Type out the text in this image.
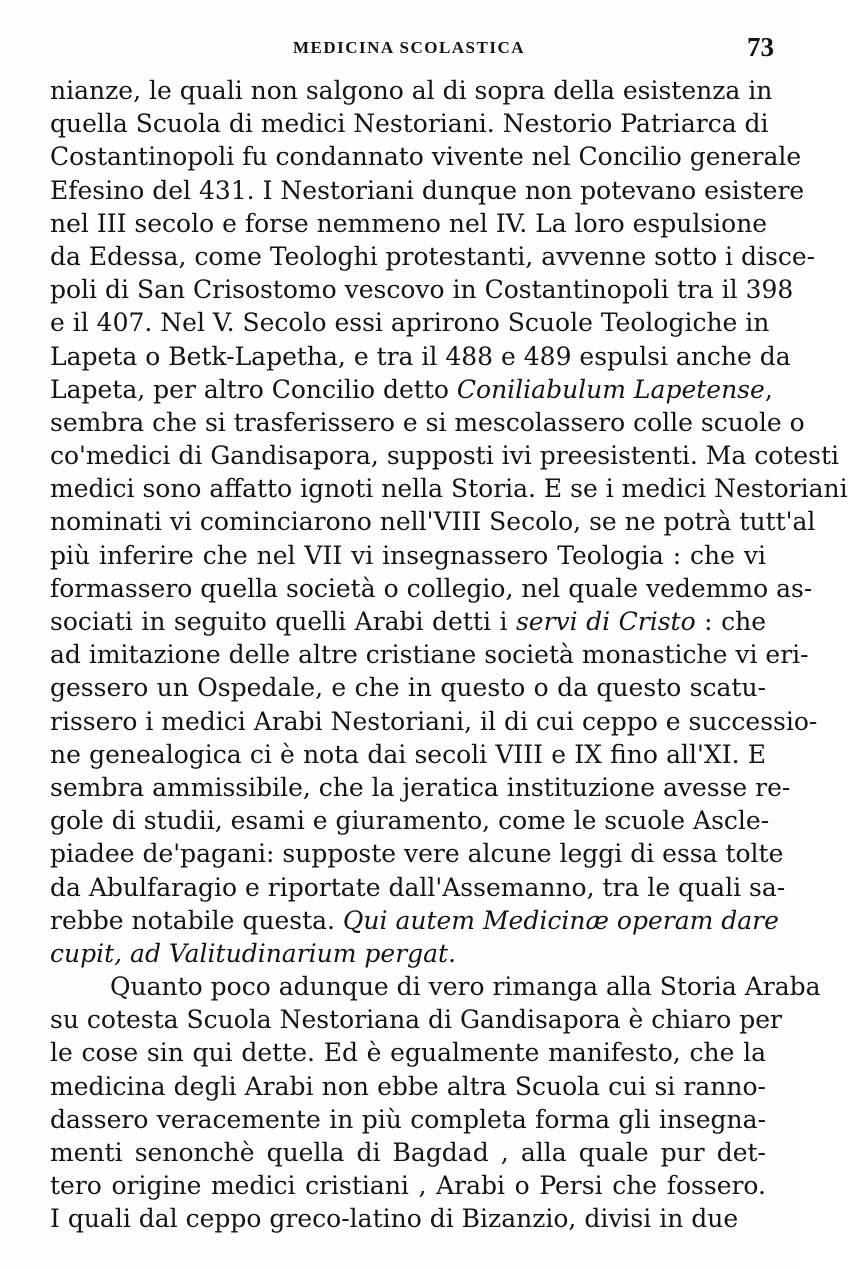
MEDICINA SCOLASTICA	73
nianze, le quali non salgono al di sopra della esistenza in
quella Scuola di medici Nestoriani. Nestorio Patriarca di
Costantinopoli fu condannato vivente nel Concilio generale
Efesino del 431. I Nestoriani dunque non potevano esistere
nel III secolo e forse nemmeno nel IV. La loro espulsione
da Edessa, come Teologhi protestanti, avvenne sotto i disce-
poli di San Crisostomo vescovo in Costantinopoli tra il 398
e il 407. Nel V. Secolo essi aprirono Scuole Teologiche in
Lapeta o Betk-Lapetha, e tra il 488 e 489 espulsi anche da
Lapeta, per altro Concilio detto Coniliabulum Lapetense,
sembra che si trasferissero e si mescolassero colle scuole o
co'medici di Gandisapora, supposti ivi preesistenti. Ma cotesti
medici sono affatto ignoti nella Storia. E se i medici Nestoriani
nominati vi cominciarono nell'VIII Secolo, se ne potrà tutt'al
più inferire che nel VII vi insegnassero Teologia : che vi
formassero quella società o collegio, nel quale vedemmo as-
sociati in seguito quelli Arabi detti i servi di Cristo : che
ad imitazione delle altre cristiane società monastiche vi eri-
gessero un Ospedale, e che in questo o da questo scatu-
rissero i medici Arabi Nestoriani, il di cui ceppo e successio-
ne genealogica ci è nota dai secoli VIII e IX fino all'XI. E
sembra ammissibile, che la jeratica instituzione avesse re-
gole di studii, esami e giuramento, come le scuole Ascle-
piadee de'pagani: supposte vere alcune leggi di essa tolte
da Abulfaragio e riportate dall'Assemanno, tra le quali sa-
rebbe notabile questa. Qui autem Medicinæ operam dare
cupit, ad Valitudinarium pergat.
Quanto poco adunque di vero rimanga alla Storia Araba
su cotesta Scuola Nestoriana di Gandisapora è chiaro per
le cose sin qui dette. Ed è egualmente manifesto, che la
medicina degli Arabi non ebbe altra Scuola cui si ranno-
dassero veracemente in più completa forma gli insegna-
menti senonchè quella di Bagdad , alla quale pur det-
tero origine medici cristiani , Arabi o Persi che fossero.
I quali dal ceppo greco-latino di Bizanzio, divisi in due
